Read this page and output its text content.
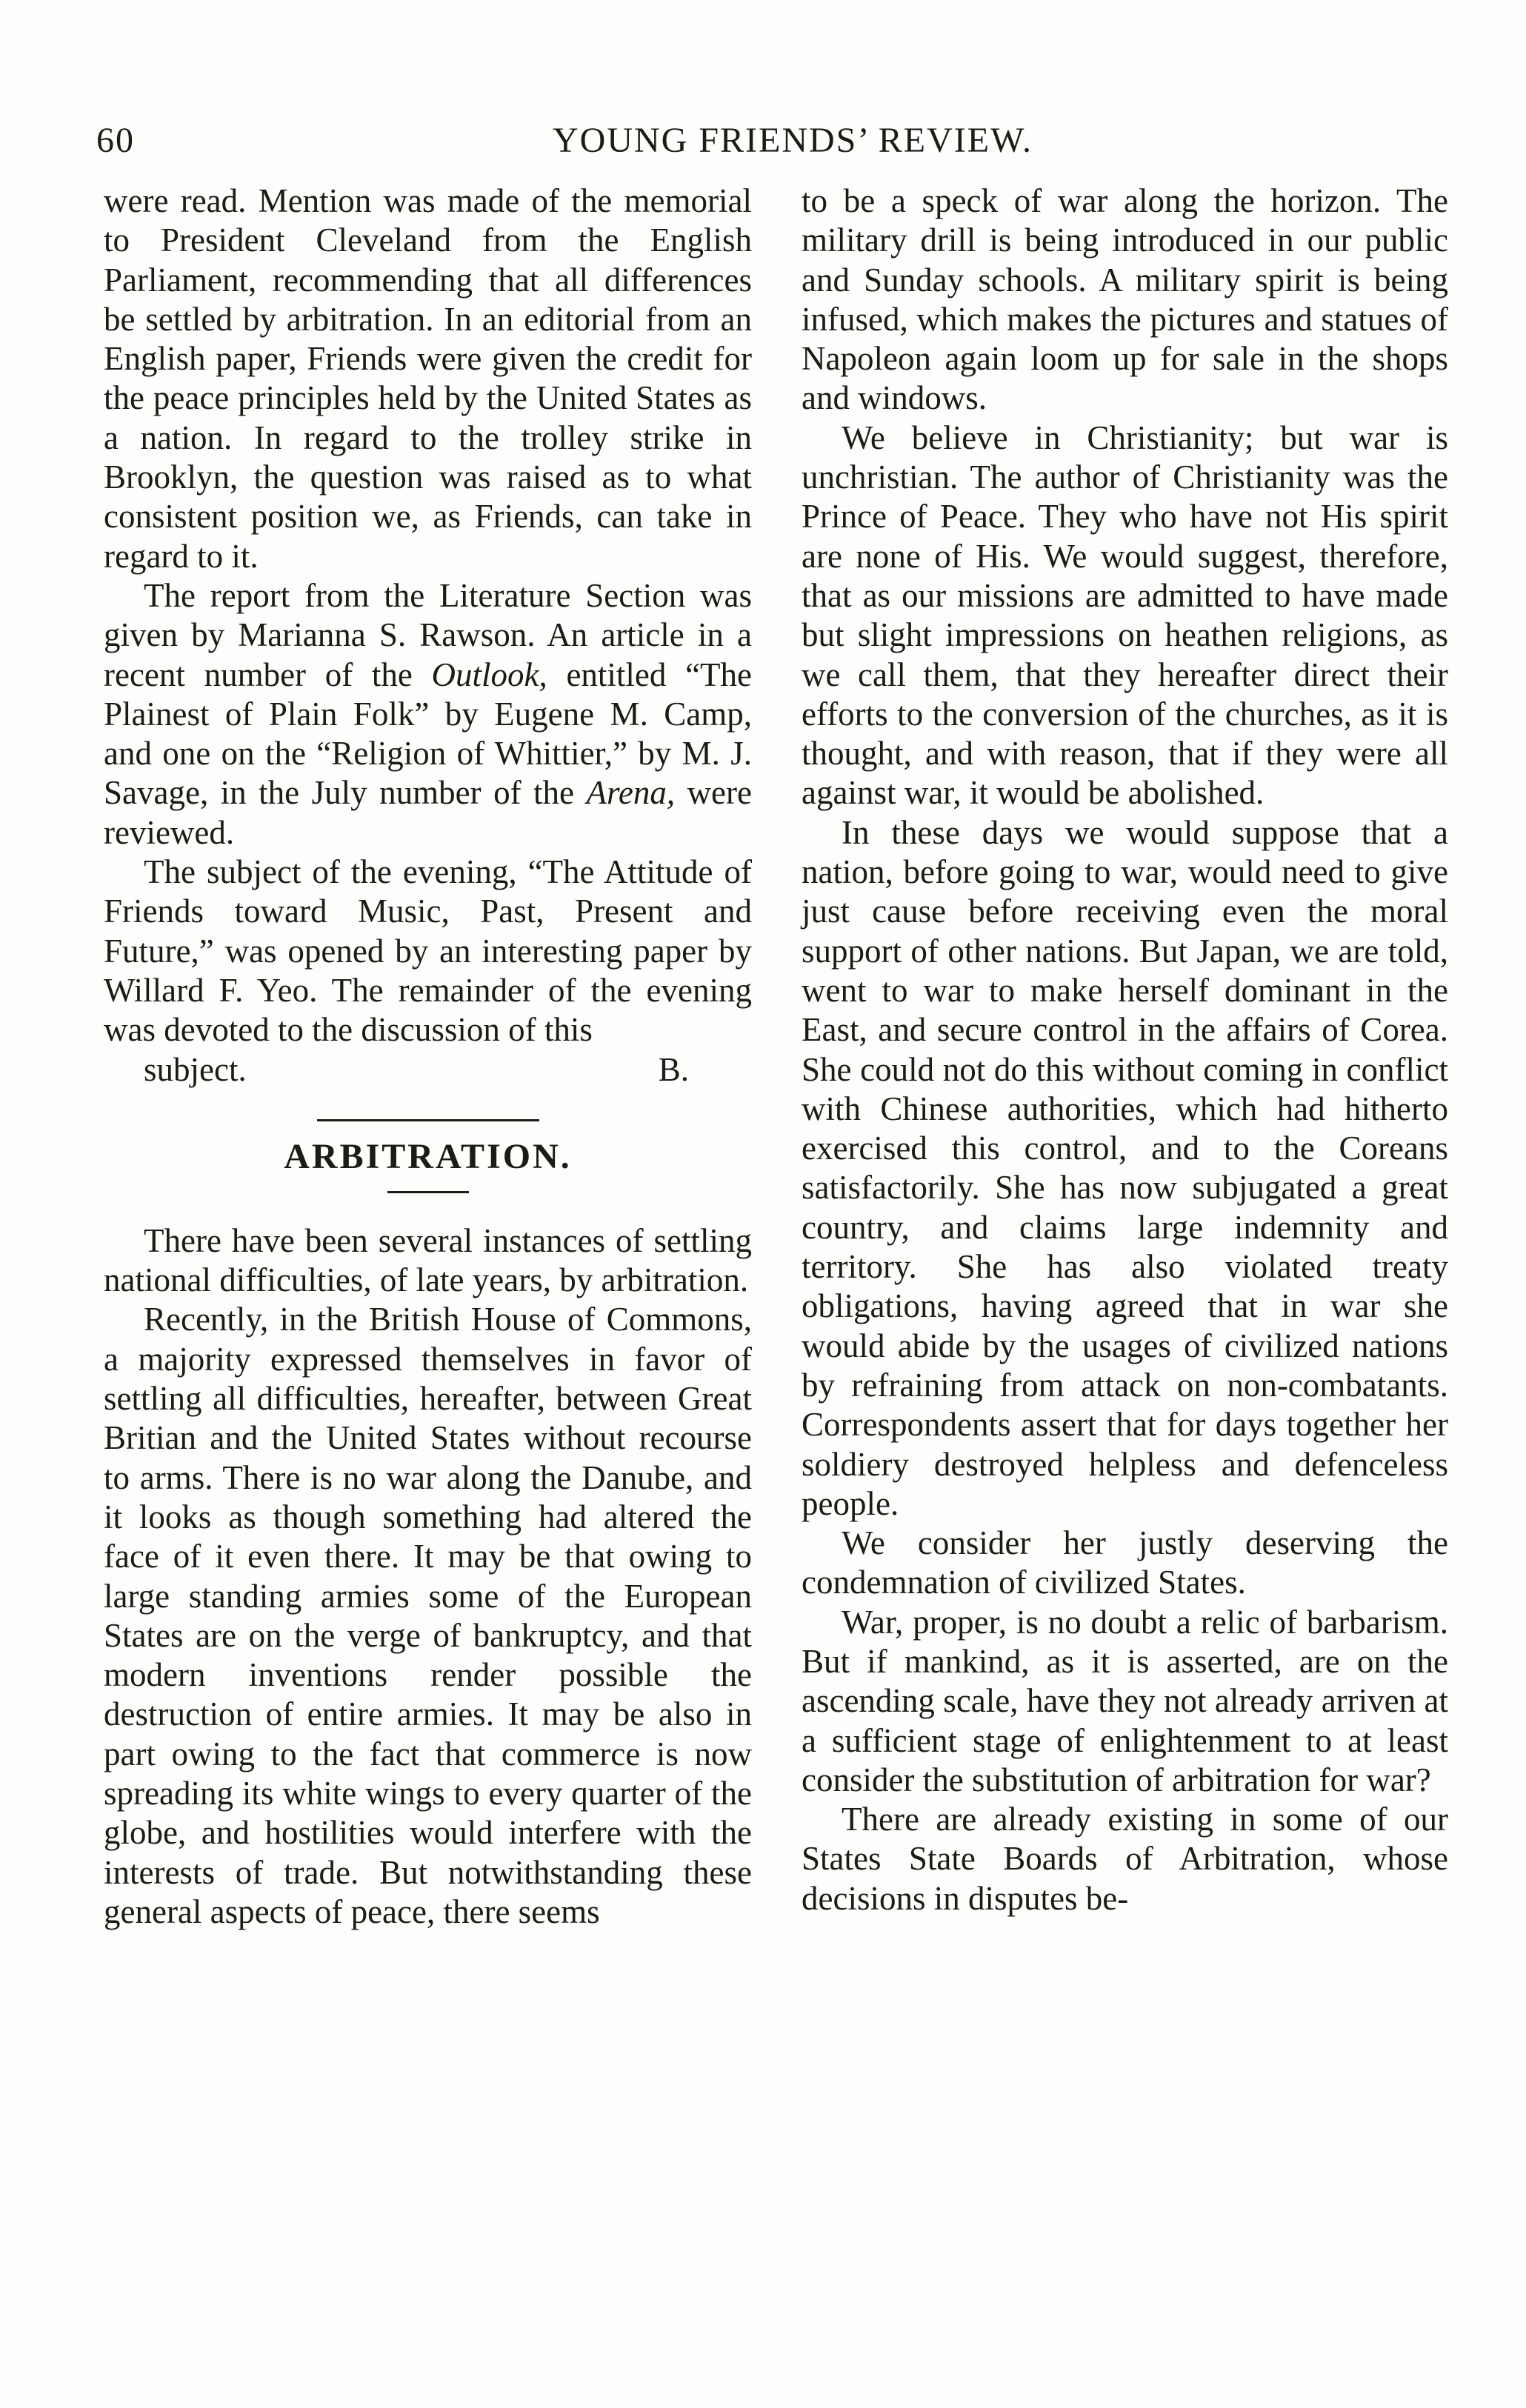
60	YOUNG FRIENDS’ REVIEW.

were read. Mention was made of the memorial to President Cleveland from the English Parliament, recommending that all differences be settled by arbitration. In an editorial from an English paper, Friends were given the credit for the peace principles held by the United States as a nation. In regard to the trolley strike in Brooklyn, the question was raised as to what consistent position we, as Friends, can take in regard to it.

The report from the Literature Section was given by Marianna S. Rawson. An article in a recent number of the Outlook, entitled “The Plainest of Plain Folk” by Eugene M. Camp, and one on the “Religion of Whittier,” by M. J. Savage, in the July number of the Arena, were reviewed.

The subject of the evening, “The Attitude of Friends toward Music, Past, Present and Future,” was opened by an interesting paper by Willard F. Yeo. The remainder of the evening was devoted to the discussion of this

subject.	B.

ARBITRATION.

There have been several instances of settling national difficulties, of late years, by arbitration.

Recently, in the British House of Commons, a majority expressed themselves in favor of settling all difficulties, hereafter, between Great Britian and the United States without recourse to arms. There is no war along the Danube, and it looks as though something had altered the face of it even there. It may be that owing to large standing armies some of the European States are on the verge of bankruptcy, and that modern inventions render possible the destruction of entire armies. It may be also in part owing to the fact that commerce is now spreading its white wings to every quarter of the globe, and hostilities would interfere with the interests of trade. But notwithstanding these general aspects of peace, there seems

to be a speck of war along the horizon. The military drill is being introduced in our public and Sunday schools. A military spirit is being infused, which makes the pictures and statues of Napoleon again loom up for sale in the shops and windows.

We believe in Christianity; but war is unchristian. The author of Christianity was the Prince of Peace. They who have not His spirit are none of His. We would suggest, therefore, that as our missions are admitted to have made but slight impressions on heathen religions, as we call them, that they hereafter direct their efforts to the conversion of the churches, as it is thought, and with reason, that if they were all against war, it would be abolished.

In these days we would suppose that a nation, before going to war, would need to give just cause before receiving even the moral support of other nations. But Japan, we are told, went to war to make herself dominant in the East, and secure control in the affairs of Corea. She could not do this without coming in conflict with Chinese authorities, which had hitherto exercised this control, and to the Coreans satisfactorily. She has now subjugated a great country, and claims large indemnity and territory. She has also violated treaty obligations, having agreed that in war she would abide by the usages of civilized nations by refraining from attack on non-combatants. Correspondents assert that for days together her soldiery destroyed helpless and defenceless people.

We consider her justly deserving the condemnation of civilized States.

War, proper, is no doubt a relic of barbarism. But if mankind, as it is asserted, are on the ascending scale, have they not already arriven at a sufficient stage of enlightenment to at least consider the substitution of arbitration for war?

There are already existing in some of our States State Boards of Arbitration, whose decisions in disputes be-
